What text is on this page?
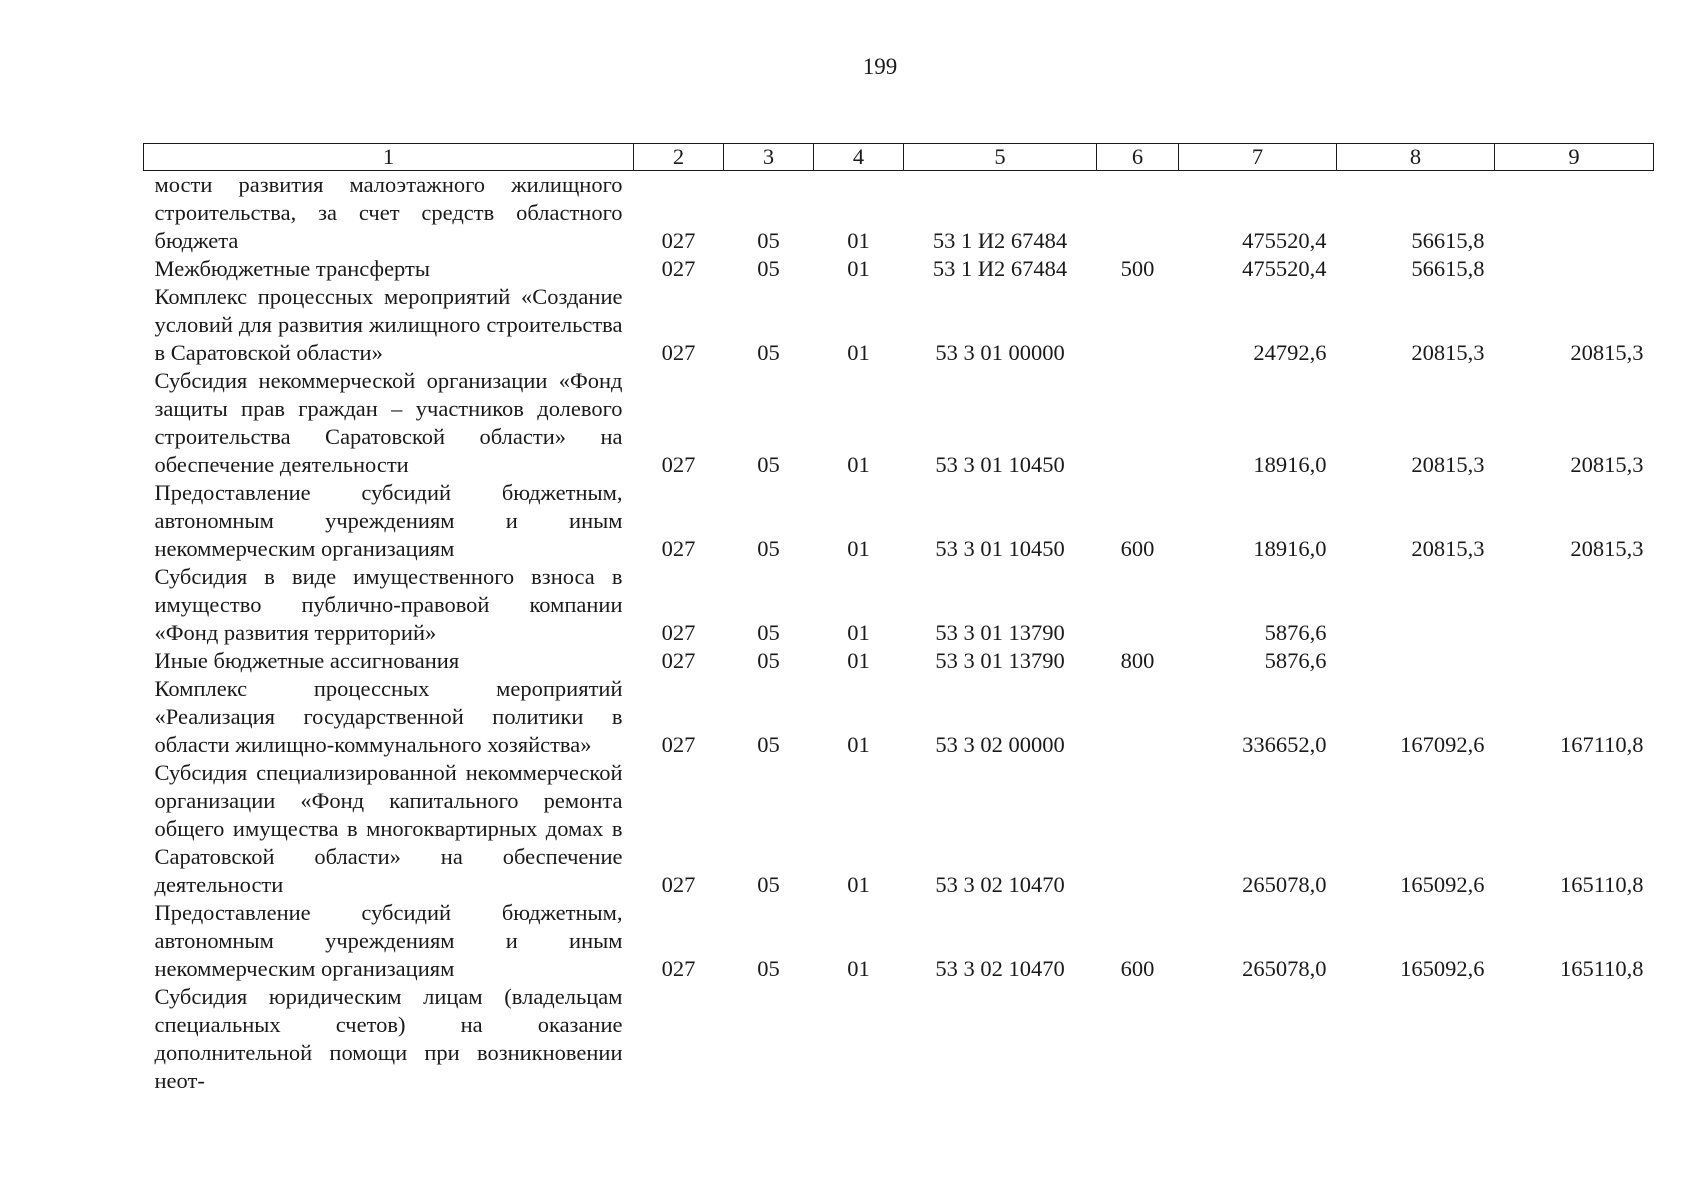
199
1	2	3	4	5	6	7	8	9
мости развития малоэтажного жилищного строительства, за счет средств областного бюджета	027	05	01	53 1 И2 67484		475520,4	56615,8	
Межбюджетные трансферты	027	05	01	53 1 И2 67484	500	475520,4	56615,8	
Комплекс процессных мероприятий «Создание условий для развития жилищного строительства в Саратовской области»	027	05	01	53 3 01 00000		24792,6	20815,3	20815,3
Субсидия некоммерческой организации «Фонд защиты прав граждан – участников долевого строительства Саратовской области» на обеспечение деятельности	027	05	01	53 3 01 10450		18916,0	20815,3	20815,3
Предоставление субсидий бюджетным, автономным учреждениям и иным некоммерческим организациям	027	05	01	53 3 01 10450	600	18916,0	20815,3	20815,3
Субсидия в виде имущественного взноса в имущество публично-правовой компании «Фонд развития территорий»	027	05	01	53 3 01 13790		5876,6		
Иные бюджетные ассигнования	027	05	01	53 3 01 13790	800	5876,6		
Комплекс процессных мероприятий «Реализация государственной политики в области жилищно-коммунального хозяйства»	027	05	01	53 3 02 00000		336652,0	167092,6	167110,8
Субсидия специализированной некоммерческой организации «Фонд капитального ремонта общего имущества в многоквартирных домах в Саратовской области» на обеспечение деятельности	027	05	01	53 3 02 10470		265078,0	165092,6	165110,8
Предоставление субсидий бюджетным, автономным учреждениям и иным некоммерческим организациям	027	05	01	53 3 02 10470	600	265078,0	165092,6	165110,8
Субсидия юридическим лицам (владельцам специальных счетов) на оказание дополнительной помощи при возникновении неот-								
